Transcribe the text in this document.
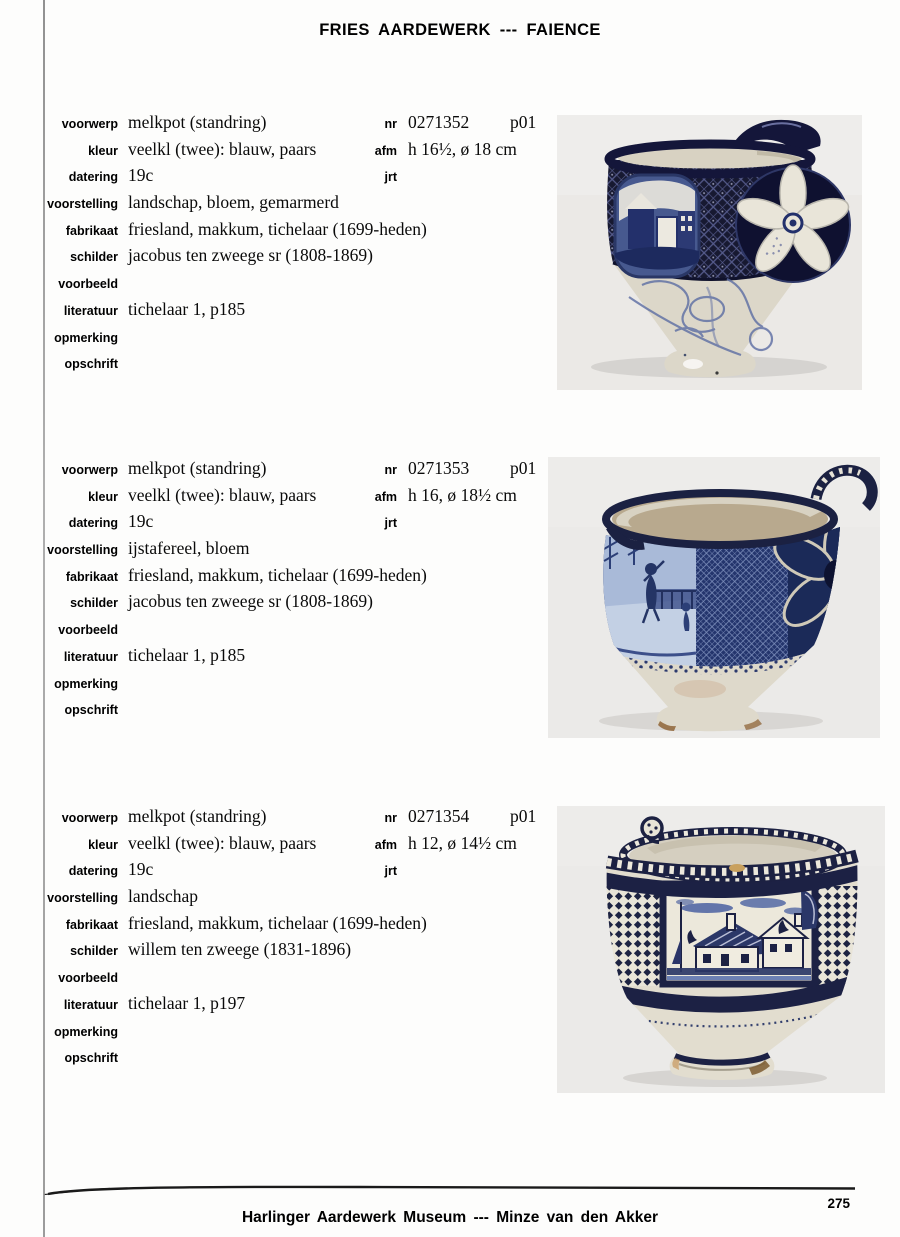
FRIES AARDEWERK --- FAIENCE
voorwerp melkpot (standring)	nr 0271352 p01
kleur veelkl (twee): blauw, paars	afm h 16½, ø 18 cm
datering 19c	jrt
voorstelling landschap, bloem, gemarmerd
fabrikaat friesland, makkum, tichelaar (1699-heden)
schilder jacobus ten zweege sr (1808-1869)
voorbeeld
literatuur tichelaar 1, p185
opmerking
opschrift
voorwerp melkpot (standring)	nr 0271353 p01
kleur veelkl (twee): blauw, paars	afm h 16, ø 18½ cm
datering 19c	jrt
voorstelling ijstafereel, bloem
fabrikaat friesland, makkum, tichelaar (1699-heden)
schilder jacobus ten zweege sr (1808-1869)
voorbeeld
literatuur tichelaar 1, p185
opmerking
opschrift
voorwerp melkpot (standring)	nr 0271354 p01
kleur veelkl (twee): blauw, paars	afm h 12, ø 14½ cm
datering 19c	jrt
voorstelling landschap
fabrikaat friesland, makkum, tichelaar (1699-heden)
schilder willem ten zweege (1831-1896)
voorbeeld
literatuur tichelaar 1, p197
opmerking
opschrift
275
Harlinger Aardewerk Museum --- Minze van den Akker
